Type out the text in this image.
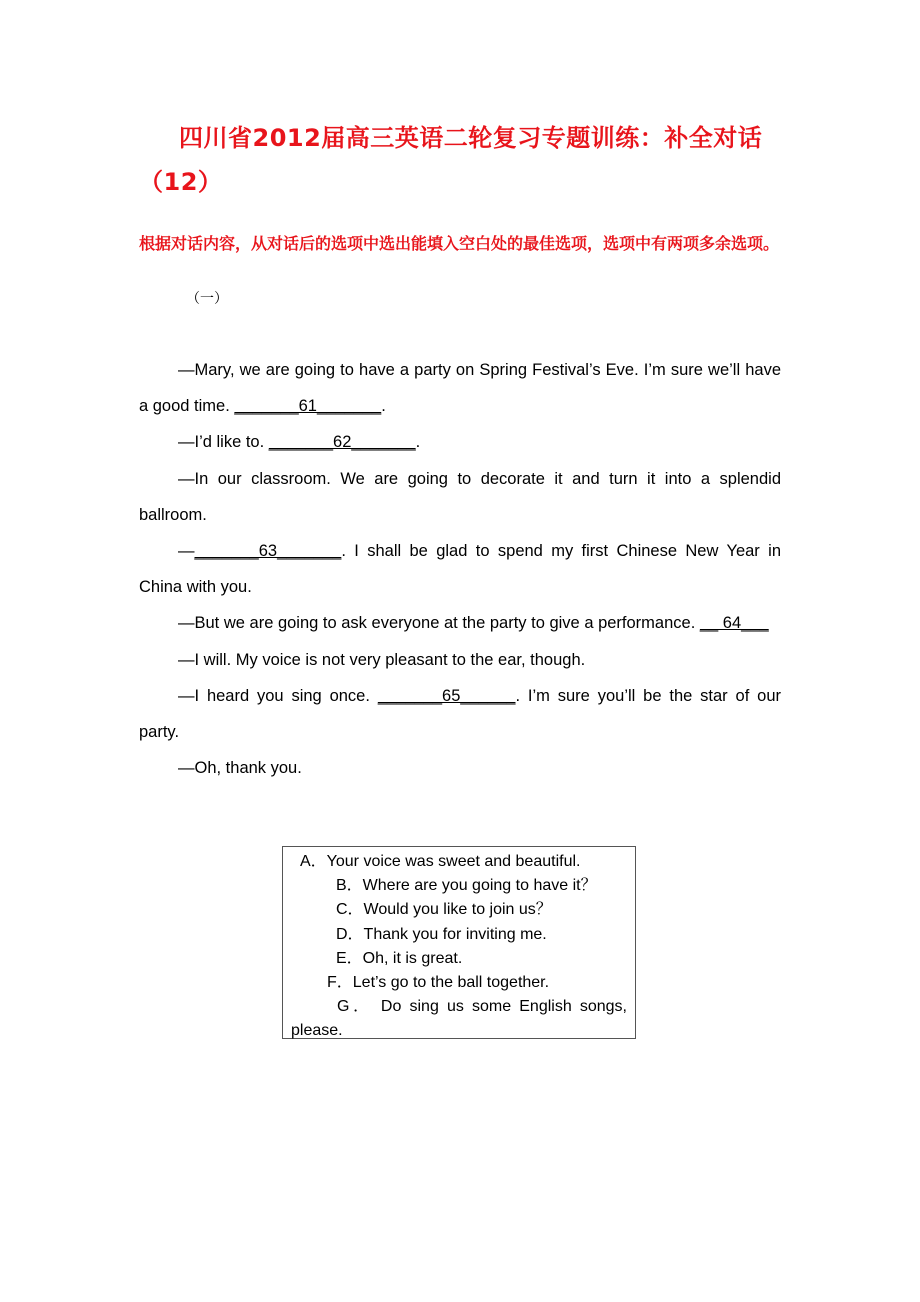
四川省2012届高三英语二轮复习专题训练：补全对话
（12）

根据对话内容，从对话后的选项中选出能填入空白处的最佳选项，选项中有两项多余选项。

（一）

—Mary, we are going to have a party on Spring Festival’s Eve. I’m sure we’ll have a good time. _______61_______.

—I’d like to. _______62_______.

—In our classroom. We are going to decorate it and turn it into a splendid ballroom.

—_______63_______. I shall be glad to spend my first Chinese New Year in China with you.

—But we are going to ask everyone at the party to give a performance. __ 64___

—I will. My voice is not very pleasant to the ear, though.

—I heard you sing once. _______65______. I’m sure you’ll be the star of our party.

—Oh, thank you.

A．Your voice was sweet and beautiful.

B．Where are you going to have it？

C．Would you like to join us？

D．Thank you for inviting me.

E．Oh, it is great.

F．Let’s go to the ball together.

G． Do sing us some English songs, please.
